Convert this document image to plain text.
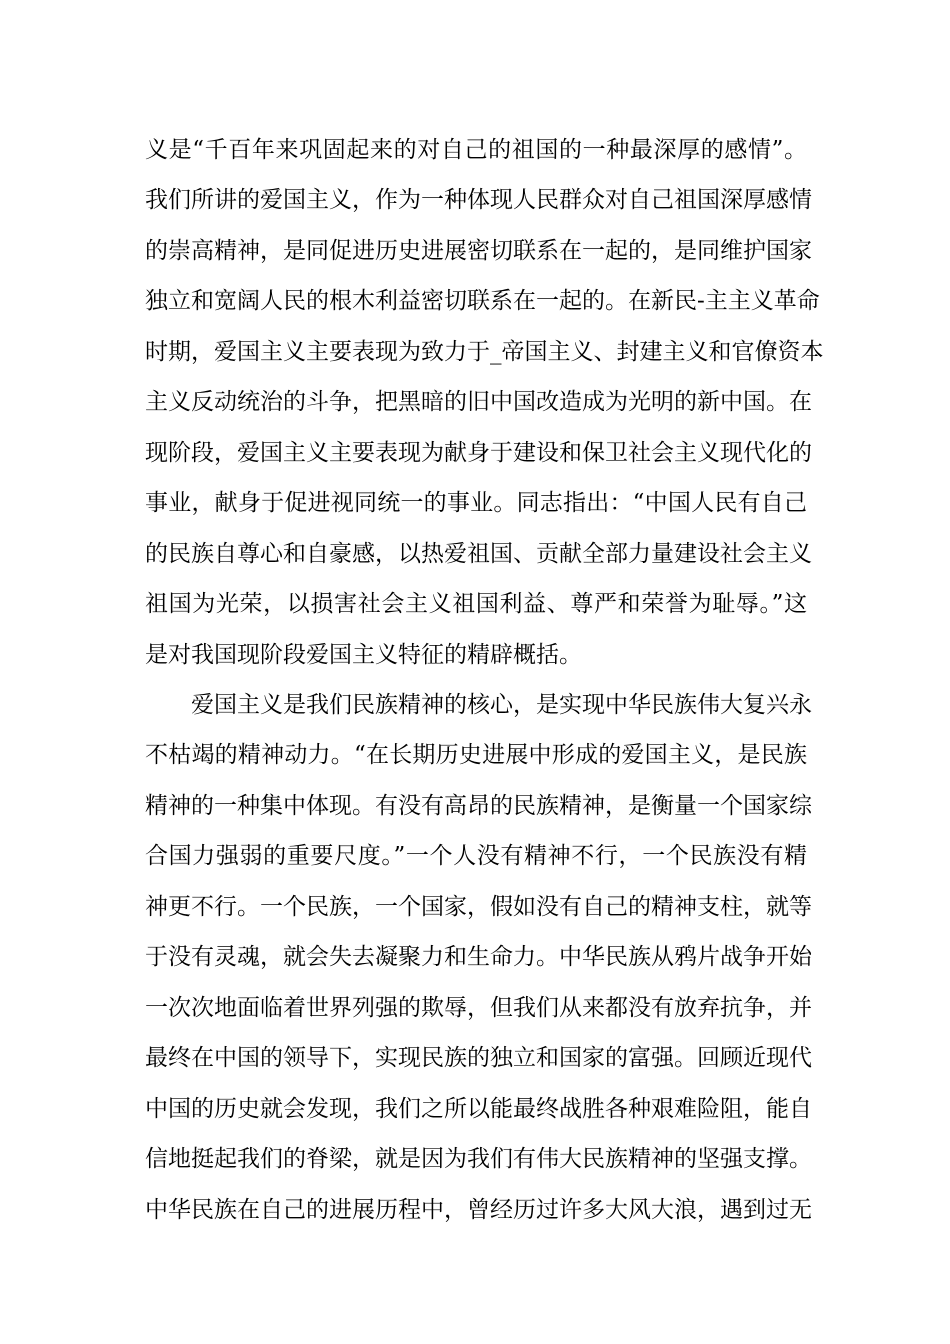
义是“千百年来巩固起来的对自己的祖国的一种最深厚的感情”。
我们所讲的爱国主义，作为一种体现人民群众对自己祖国深厚感情
的崇高精神，是同促进历史进展密切联系在一起的，是同维护国家
独立和宽阔人民的根木利益密切联系在一起的。在新民-主主义革命
时期，爱国主义主要表现为致力于_帝国主义、封建主义和官僚资本
主义反动统治的斗争，把黑暗的旧中国改造成为光明的新中国。在
现阶段，爱国主义主要表现为献身于建设和保卫社会主义现代化的
事业，献身于促进视同统一的事业。同志指出：“中国人民有自己
的民族自尊心和自豪感，以热爱祖国、贡献全部力量建设社会主义
祖国为光荣，以损害社会主义祖国利益、尊严和荣誉为耻辱。”这
是对我国现阶段爱国主义特征的精辟概括。
爱国主义是我们民族精神的核心，是实现中华民族伟大复兴永
不枯竭的精神动力。“在长期历史进展中形成的爱国主义，是民族
精神的一种集中体现。有没有高昂的民族精神，是衡量一个国家综
合国力强弱的重要尺度。”一个人没有精神不行，一个民族没有精
神更不行。一个民族，一个国家，假如没有自己的精神支柱，就等
于没有灵魂，就会失去凝聚力和生命力。中华民族从鸦片战争开始
一次次地面临着世界列强的欺辱，但我们从来都没有放弃抗争，并
最终在中国的领导下，实现民族的独立和国家的富强。回顾近现代
中国的历史就会发现，我们之所以能最终战胜各种艰难险阻，能自
信地挺起我们的脊梁，就是因为我们有伟大民族精神的坚强支撑。
中华民族在自己的进展历程中，曾经历过许多大风大浪，遇到过无
